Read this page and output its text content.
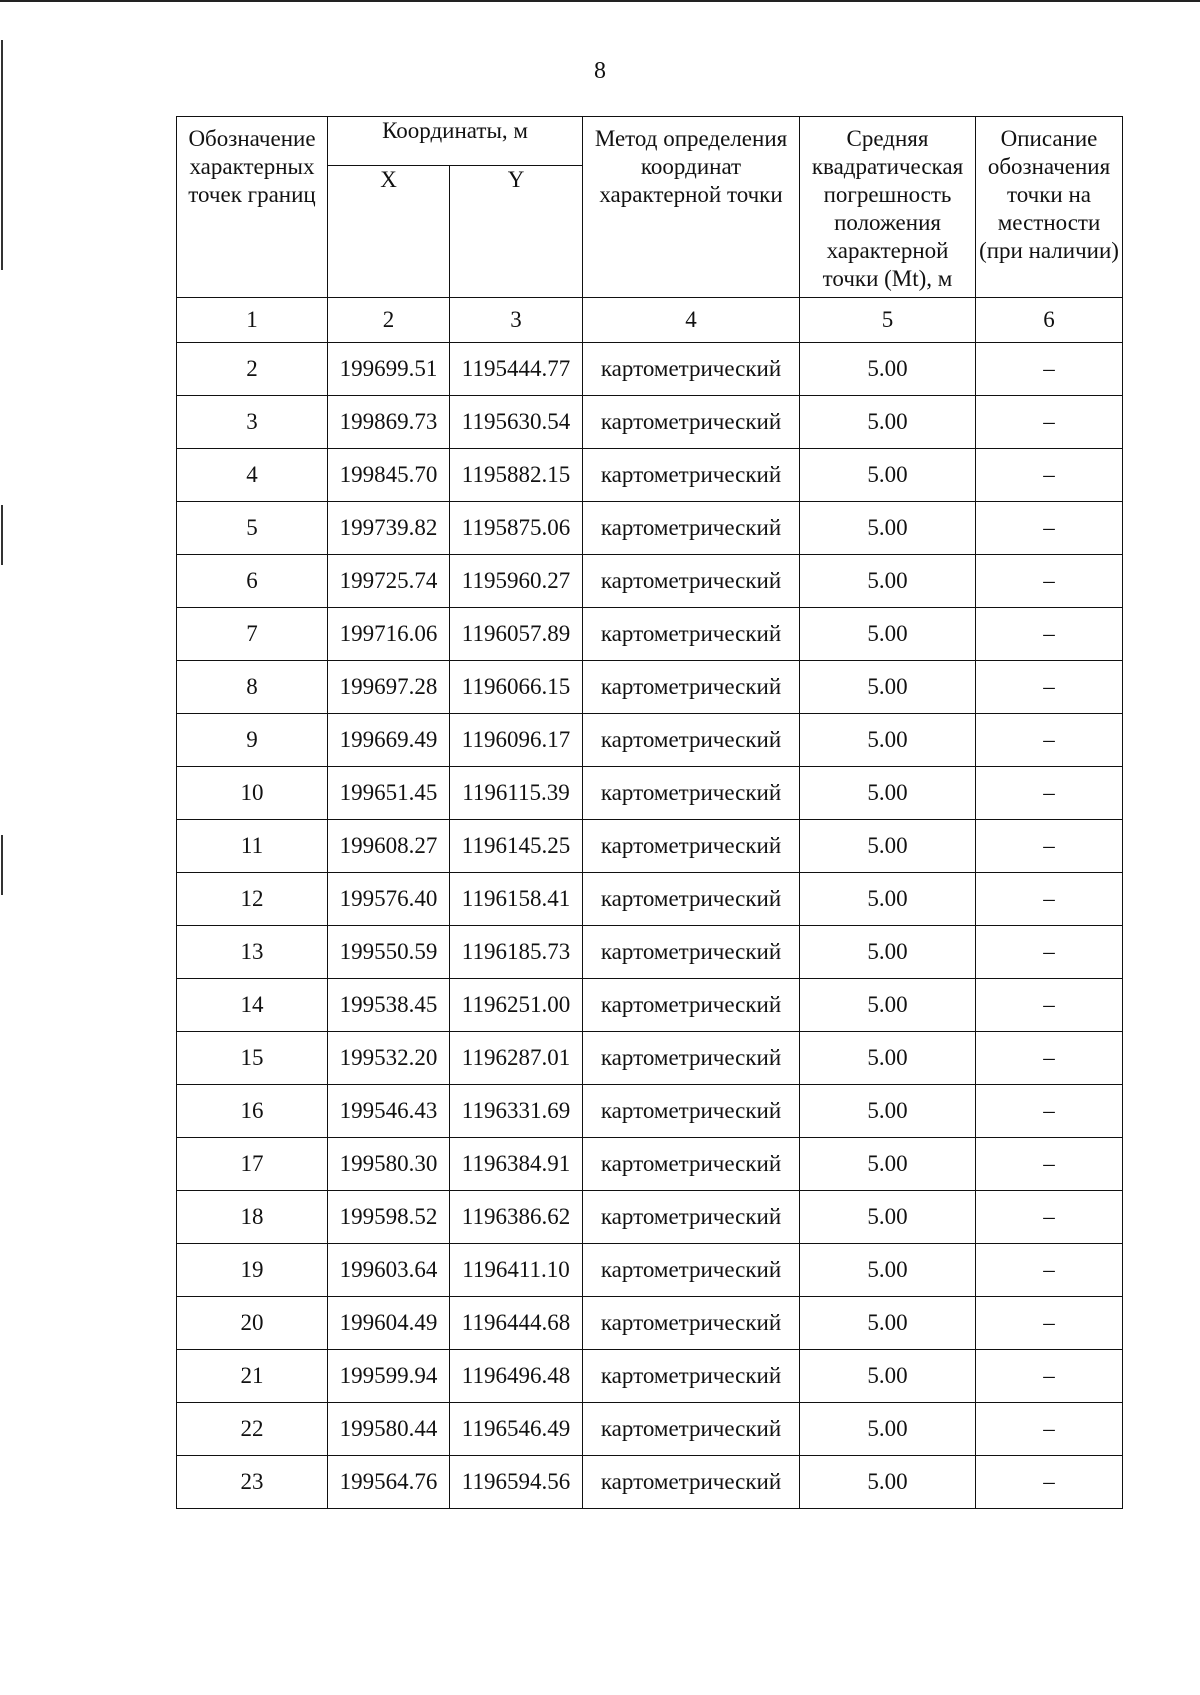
8
Обозначение характерных точек границ	Координаты, м		Метод определения координат характерной точки	Средняя квадратическая погрешность положения характерной точки (Mt), м	Описание обозначения точки на местности (при наличии)
	X	Y			
1	2	3	4	5	6
2	199699.51	1195444.77	картометрический	5.00	–
3	199869.73	1195630.54	картометрический	5.00	–
4	199845.70	1195882.15	картометрический	5.00	–
5	199739.82	1195875.06	картометрический	5.00	–
6	199725.74	1195960.27	картометрический	5.00	–
7	199716.06	1196057.89	картометрический	5.00	–
8	199697.28	1196066.15	картометрический	5.00	–
9	199669.49	1196096.17	картометрический	5.00	–
10	199651.45	1196115.39	картометрический	5.00	–
11	199608.27	1196145.25	картометрический	5.00	–
12	199576.40	1196158.41	картометрический	5.00	–
13	199550.59	1196185.73	картометрический	5.00	–
14	199538.45	1196251.00	картометрический	5.00	–
15	199532.20	1196287.01	картометрический	5.00	–
16	199546.43	1196331.69	картометрический	5.00	–
17	199580.30	1196384.91	картометрический	5.00	–
18	199598.52	1196386.62	картометрический	5.00	–
19	199603.64	1196411.10	картометрический	5.00	–
20	199604.49	1196444.68	картометрический	5.00	–
21	199599.94	1196496.48	картометрический	5.00	–
22	199580.44	1196546.49	картометрический	5.00	–
23	199564.76	1196594.56	картометрический	5.00	–
